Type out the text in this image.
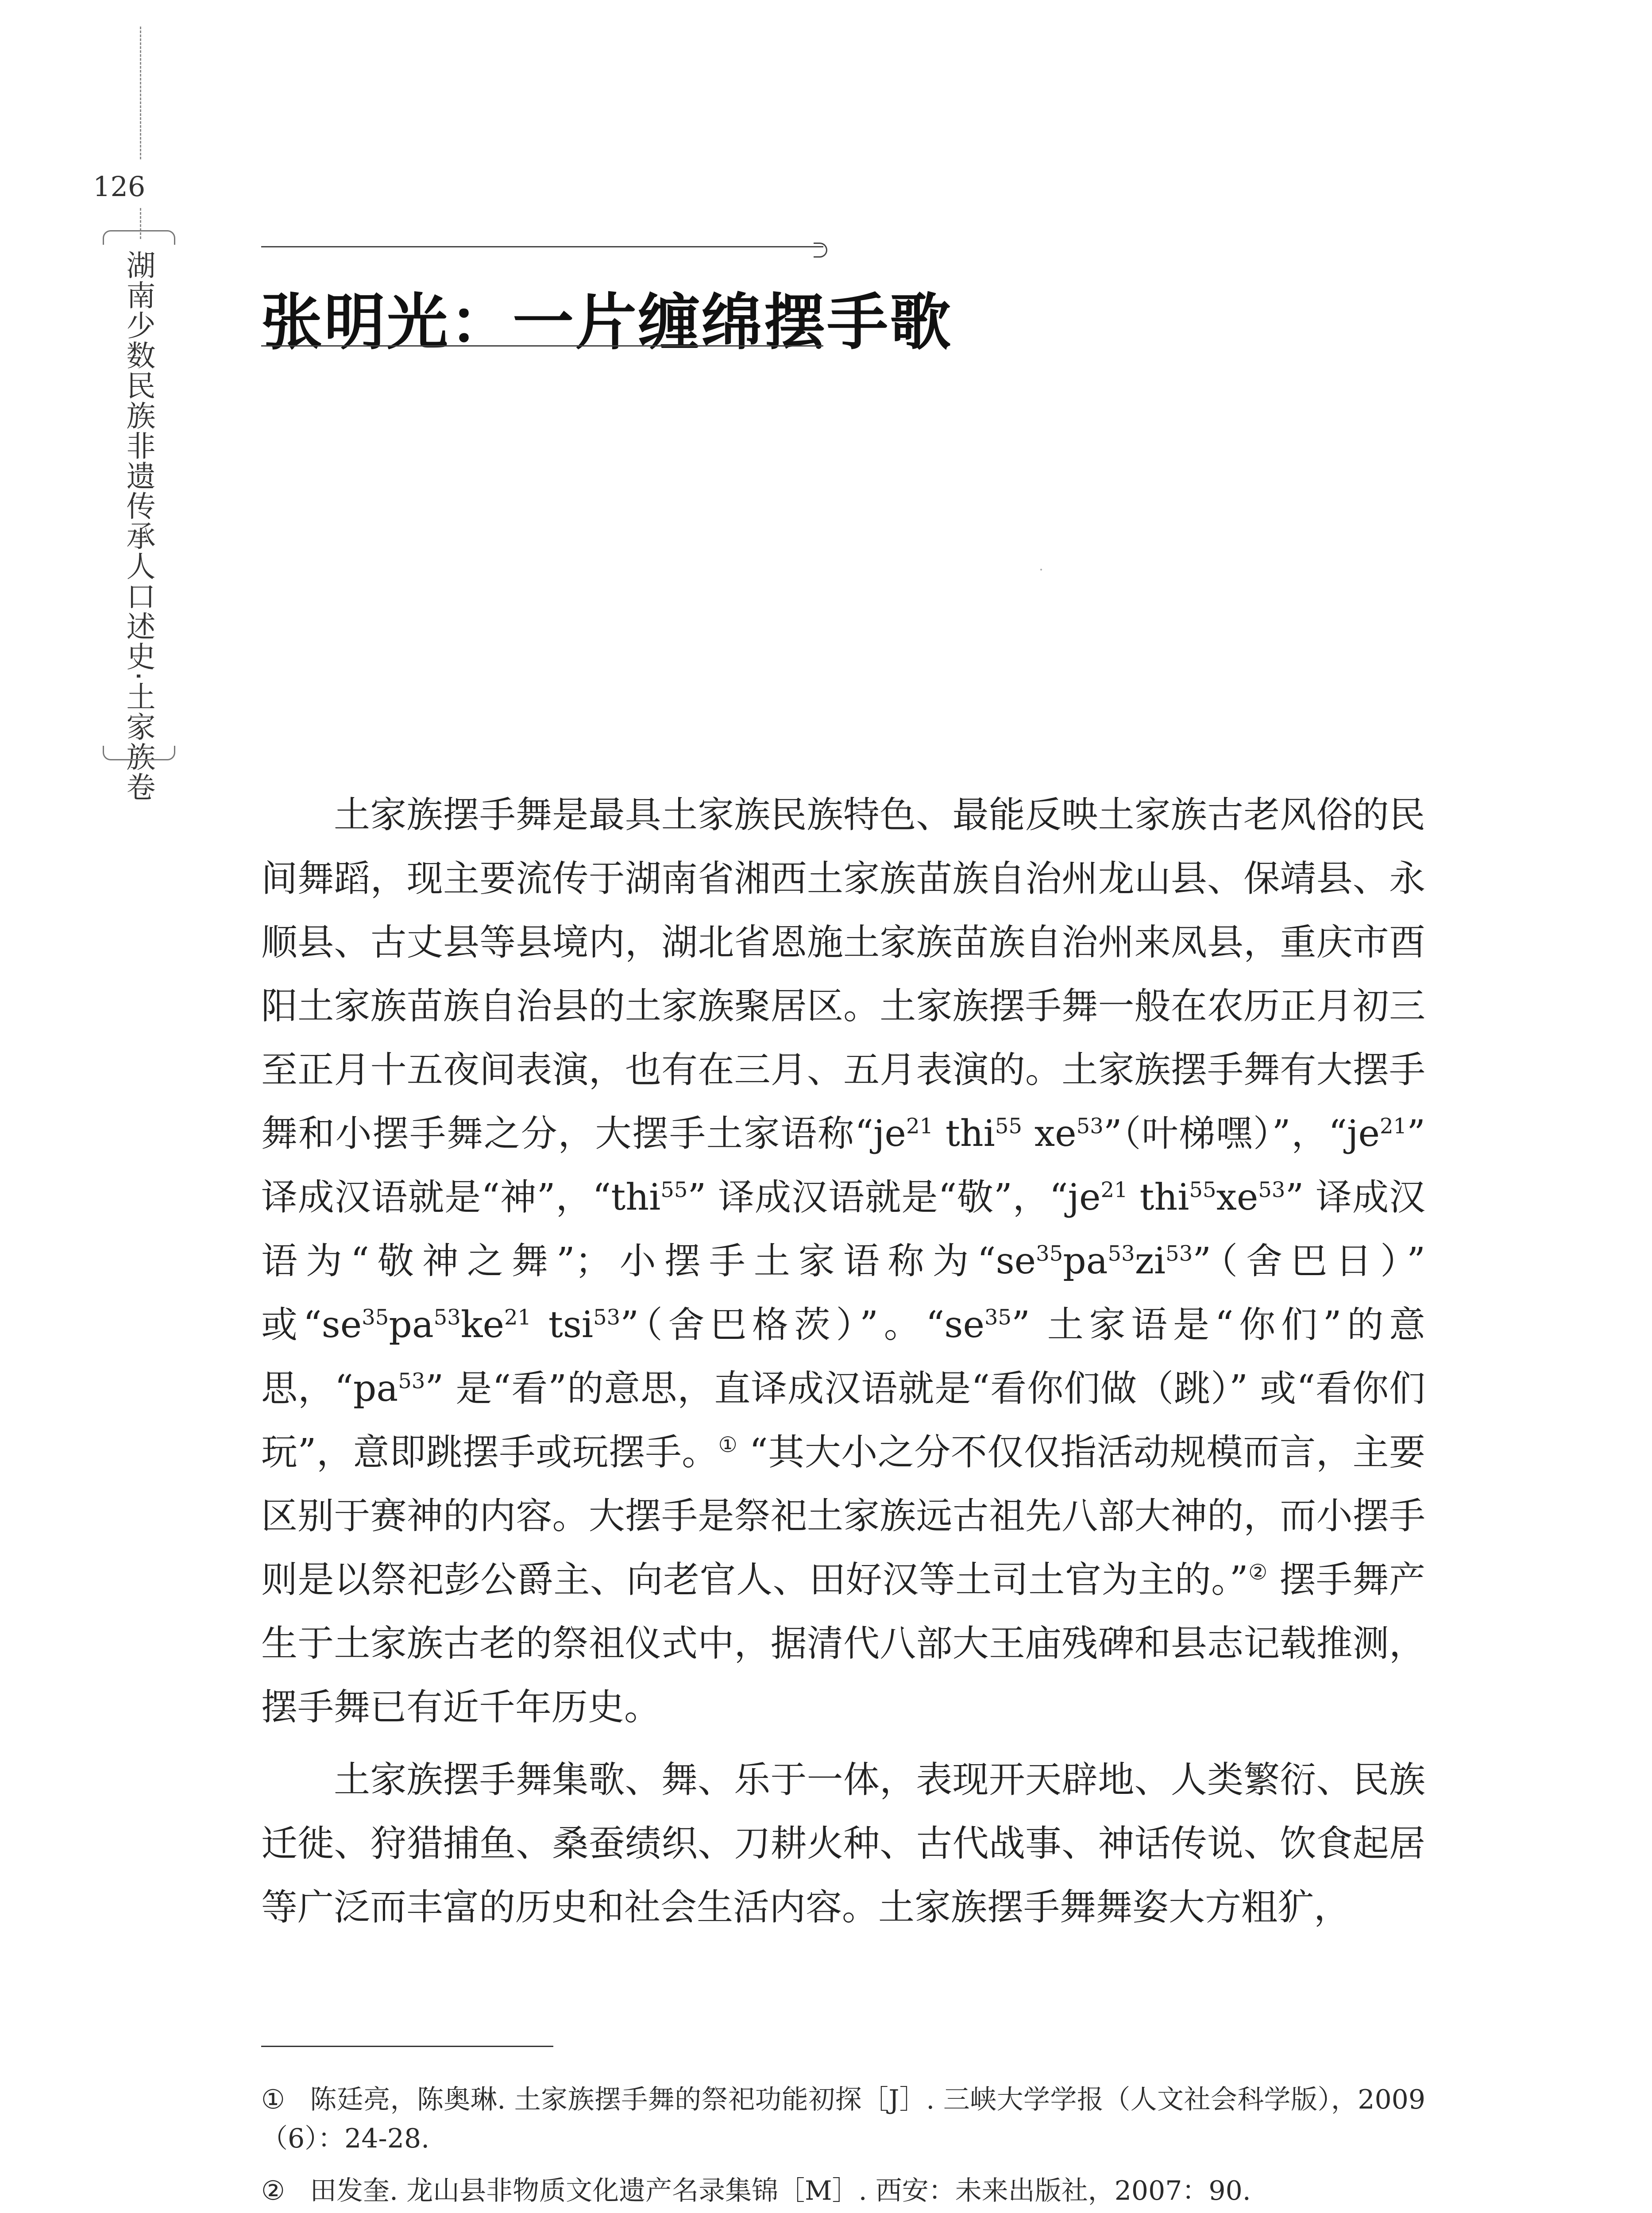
126
湖南少数民族非遗传承人口述史·土家族卷 张明光：一片缠绵摆手歌

土家族摆手舞是最具土家族民族特色、最能反映土家族古老风俗的民间舞蹈，现主要流传于湖南省湘西土家族苗族自治州龙山县、保靖县、永顺县、古丈县等县境内，湖北省恩施土家族苗族自治州来凤县，重庆市酉阳土家族苗族自治县的土家族聚居区。土家族摆手舞一般在农历正月初三至正月十五夜间表演，也有在三月、五月表演的。土家族摆手舞有大摆手舞和小摆手舞之分，大摆手土家语称“$je^{21}$ thi$^{55}$ $xe^{53}$”（叶梯嘿）”，“$je^{21}$” 译成汉语就是“神”，“thi$^{55}$” 译成汉语就是“敬”，“$je^{21}$ $thi^{55}xe^{53}$” 译成汉语为“敬神之舞”；小摆手土家语称为“$se^{35}pa^{53}zi^{53}$”（舍巴日）” 或“$se^{35}pa^{53}ke^{21}$ tsi$^{53}$”（舍巴格茨）”。“$se^{35}$” 土家语是“你们”的意思，“$pa^{53}$” 是“看”的意思，直译成汉语就是“看你们做（跳）” 或“看你们玩”，意即跳摆手或玩摆手。① “其大小之分不仅仅指活动规模而言，主要区别于赛神的内容。大摆手是祭祀土家族远古祖先八部大神的，而小摆手则是以祭祀彭公爵主、向老官人、田好汉等土司土官为主的。”② 摆手舞产生于土家族古老的祭祖仪式中，据清代八部大王庙残碑和县志记载推测，摆手舞已有近千年历史。

土家族摆手舞集歌、舞、乐于一体，表现开天辟地、人类繁衍、民族迁徙、狩猎捕鱼、桑蚕绩织、刀耕火种、古代战事、神话传说、饮食起居等广泛而丰富的历史和社会生活内容。土家族摆手舞舞姿大方粗犷，

① 陈廷亮，陈奥琳. 土家族摆手舞的祭祀功能初探［J］. 三峡大学学报（人文社会科学版），2009（6）：24-28.

② 田发奎. 龙山县非物质文化遗产名录集锦［M］. 西安：未来出版社，2007：90.
